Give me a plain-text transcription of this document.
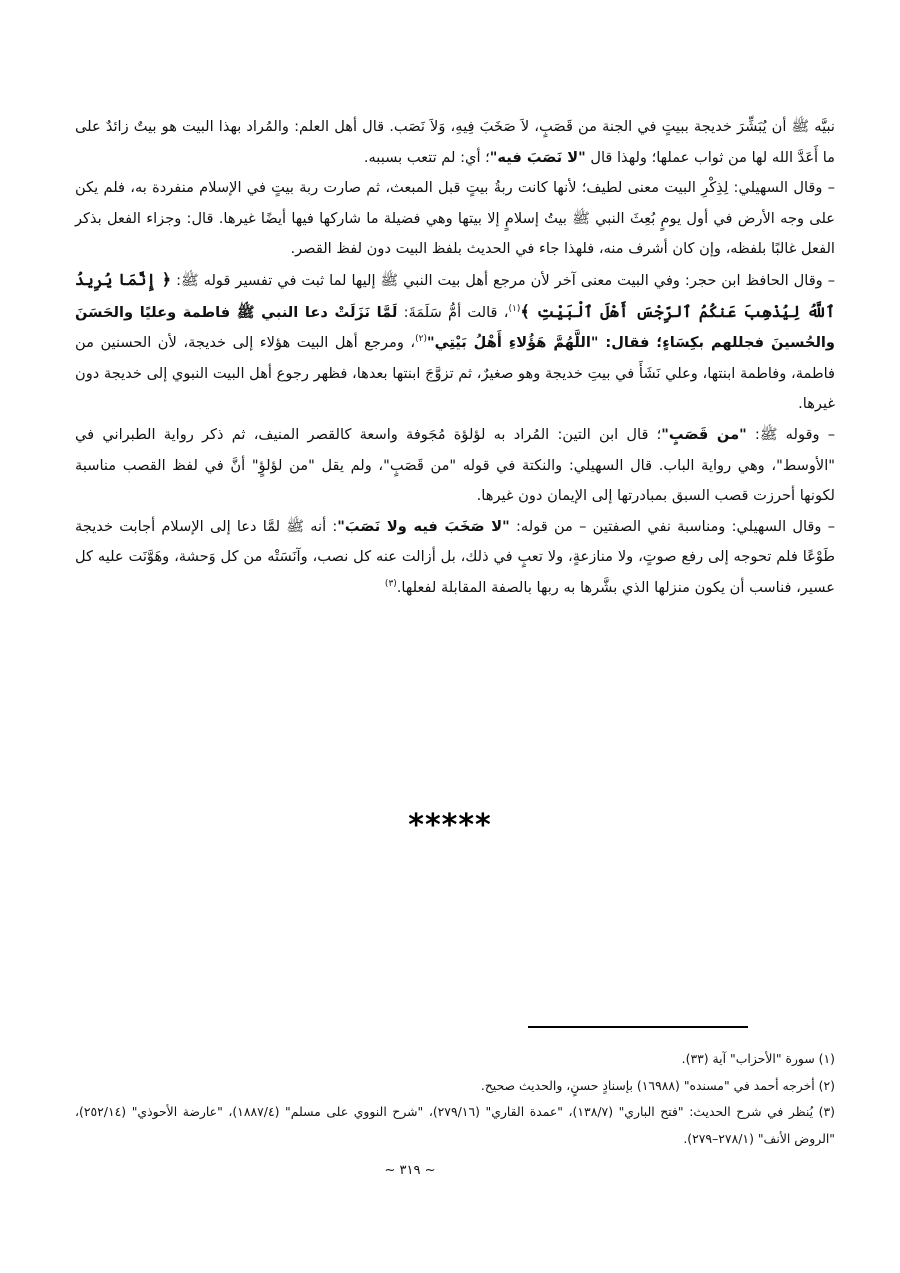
نبيَّه ﷺ أن يُبَشِّرَ خديجة ببيتٍ في الجنة من قَصَبٍ، لاَ صَخَبَ فِيهِ، وَلاَ نَصَب. قال أهل العلم: والمُراد بهذا البيت هو بيتٌ زائدٌ على ما أَعَدَّ الله لها من ثواب عملها؛ ولهذا قال "لا نَصَبَ فيه"؛ أي: لم تتعب بسببه.

– وقال السهيلي: لِذِكْرِ البيت معنى لطيف؛ لأنها كانت ربةُ بيتٍ قبل المبعث، ثم صارت ربة بيتٍ في الإسلام منفردة به، فلم يكن على وجه الأرض في أول يومٍ بُعِثَ النبي ﷺ بيتُ إسلامٍ إلا بيتها وهي فضيلة ما شاركها فيها أيضًا غيرها. قال: وجزاء الفعل بذكر الفعل غالبًا بلفظه، وإن كان أشرف منه، فلهذا جاء في الحديث بلفظ البيت دون لفظ القصر.

– وقال الحافظ ابن حجر: وفي البيت معنى آخر لأن مرجع أهل بيت النبي ﷺ إليها لما ثبت في تفسير قوله ﷺ: ﴿ إِنَّمَا يُرِيدُ ٱللَّهُ لِيُذْهِبَ عَنكُمُ ٱلرِّجْسَ أَهْلَ ٱلْبَيْتِ ﴾$^{(١)}$، قالت أمُّ سَلَمَةَ: لَمَّا نَزَلَتْ دعا النبي ﷺ فاطمة وعليًا والحَسَنَ والحُسينَ فجللهم بكِسَاءٍ؛ فقال: "اللَّهُمَّ هَؤُلاءِ أَهْلُ بَيْتِي"$^{(٢)}$، ومرجع أهل البيت هؤلاء إلى خديجة، لأن الحسنين من فاطمة، وفاطمة ابنتها، وعلي نَشَأَ في بيتِ خديجة وهو صغيرٌ، ثم تزوَّجَ ابنتها بعدها، فظهر رجوع أهل البيت النبوي إلى خديجة دون غيرها.

– وقوله ﷺ: "من قَصَبٍ"؛ قال ابن التين: المُراد به لؤلؤة مُجَوفة واسعة كالقصر المنيف، ثم ذكر رواية الطبراني في "الأوسط"، وهي رواية الباب. قال السهيلي: والنكتة في قوله "من قَصَبٍ"، ولم يقل "من لؤلؤٍ" أنَّ في لفظ القصب مناسبة لكونها أحرزت قصب السبق بمبادرتها إلى الإيمان دون غيرها.

– وقال السهيلي: ومناسبة نفي الصفتين – من قوله: "لا صَخَبَ فيه ولا نَصَبَ": أنه ﷺ لمَّا دعا إلى الإسلام أجابت خديجة طَوْعًا فلم تحوجه إلى رفع صوتٍ، ولا منازعةٍ، ولا تعبٍ في ذلك، بل أزالت عنه كل نصب، وآنَسَتْه من كل وَحشة، وهَوَّنَت عليه كل عسير، فناسب أن يكون منزلها الذي بشَّرها به ربها بالصفة المقابلة لفعلها.$^{(٣)}$

*****

(١) سورة "الأحزاب" آية (٣٣).

(٢) أخرجه أحمد في "مسنده" (١٦٩٨٨) بإسنادٍ حسنٍ، والحديث صحيح.

(٣) يُنظر في شرح الحديث: "فتح الباري" (١٣٨/٧)، "عمدة القاري" (٢٧٩/١٦)، "شرح النووي على مسلم" (١٨٨٧/٤)، "عارضة الأحوذي" (٢٥٢/١٤)، "الروض الأنف" (٢٧٨/١–٢٧٩).

~ ٣١٩ ~
